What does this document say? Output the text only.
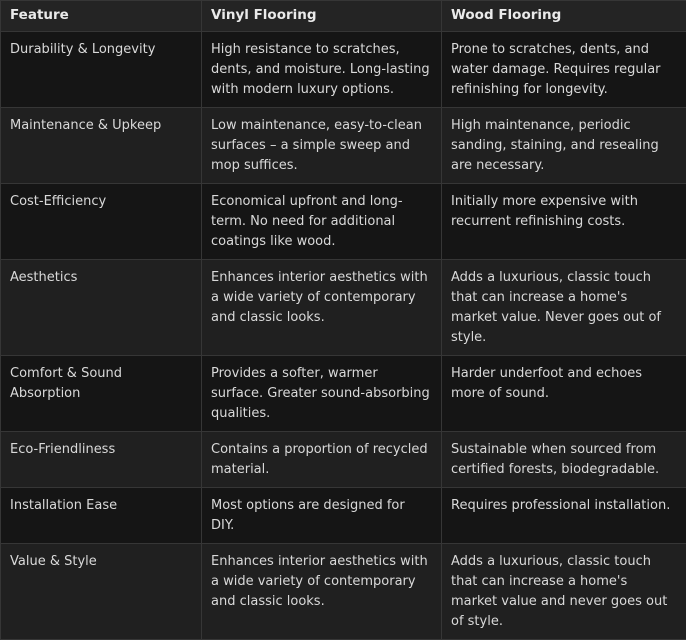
Feature	Vinyl Flooring	Wood Flooring
Durability & Longevity	High resistance to scratches, dents, and moisture. Long-lasting with modern luxury options.	Prone to scratches, dents, and water damage. Requires regular refinishing for longevity.
Maintenance & Upkeep	Low maintenance, easy-to-clean surfaces – a simple sweep and mop suffices.	High maintenance, periodic sanding, staining, and resealing are necessary.
Cost-Efficiency	Economical upfront and long-term. No need for additional coatings like wood.	Initially more expensive with recurrent refinishing costs.
Aesthetics	Enhances interior aesthetics with a wide variety of contemporary and classic looks.	Adds a luxurious, classic touch that can increase a home's market value. Never goes out of style.
Comfort & Sound Absorption	Provides a softer, warmer surface. Greater sound-absorbing qualities.	Harder underfoot and echoes more of sound.
Eco-Friendliness	Contains a proportion of recycled material.	Sustainable when sourced from certified forests, biodegradable.
Installation Ease	Most options are designed for DIY.	Requires professional installation.
Value & Style	Enhances interior aesthetics with a wide variety of contemporary and classic looks.	Adds a luxurious, classic touch that can increase a home's market value and never goes out of style.
